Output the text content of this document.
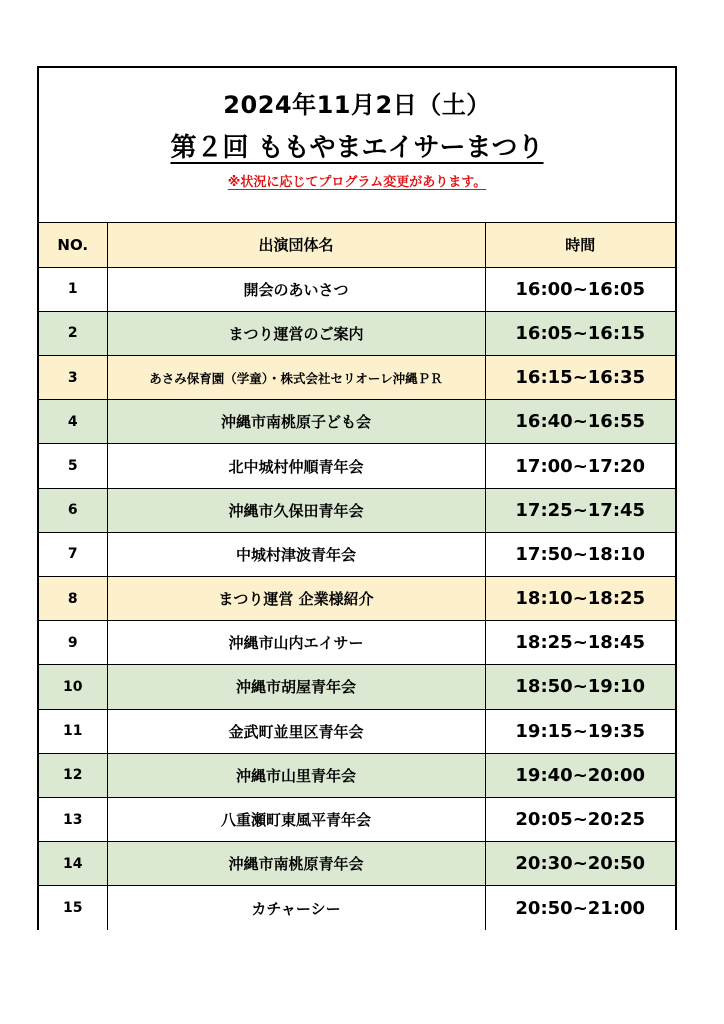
2024年11月2日（土）
第２回 ももやまエイサーまつり
※状況に応じてプログラム変更があります。
NO.	出演団体名	時間
1	開会のあいさつ	16:00~16:05
2	まつり運営のご案内	16:05~16:15
3	あさみ保育園（学童）・株式会社セリオーレ沖縄ＰＲ	16:15~16:35
4	沖縄市南桃原子ども会	16:40~16:55
5	北中城村仲順青年会	17:00~17:20
6	沖縄市久保田青年会	17:25~17:45
7	中城村津波青年会	17:50~18:10
8	まつり運営 企業様紹介	18:10~18:25
9	沖縄市山内エイサー	18:25~18:45
10	沖縄市胡屋青年会	18:50~19:10
11	金武町並里区青年会	19:15~19:35
12	沖縄市山里青年会	19:40~20:00
13	八重瀬町東風平青年会	20:05~20:25
14	沖縄市南桃原青年会	20:30~20:50
15	カチャーシー	20:50~21:00
